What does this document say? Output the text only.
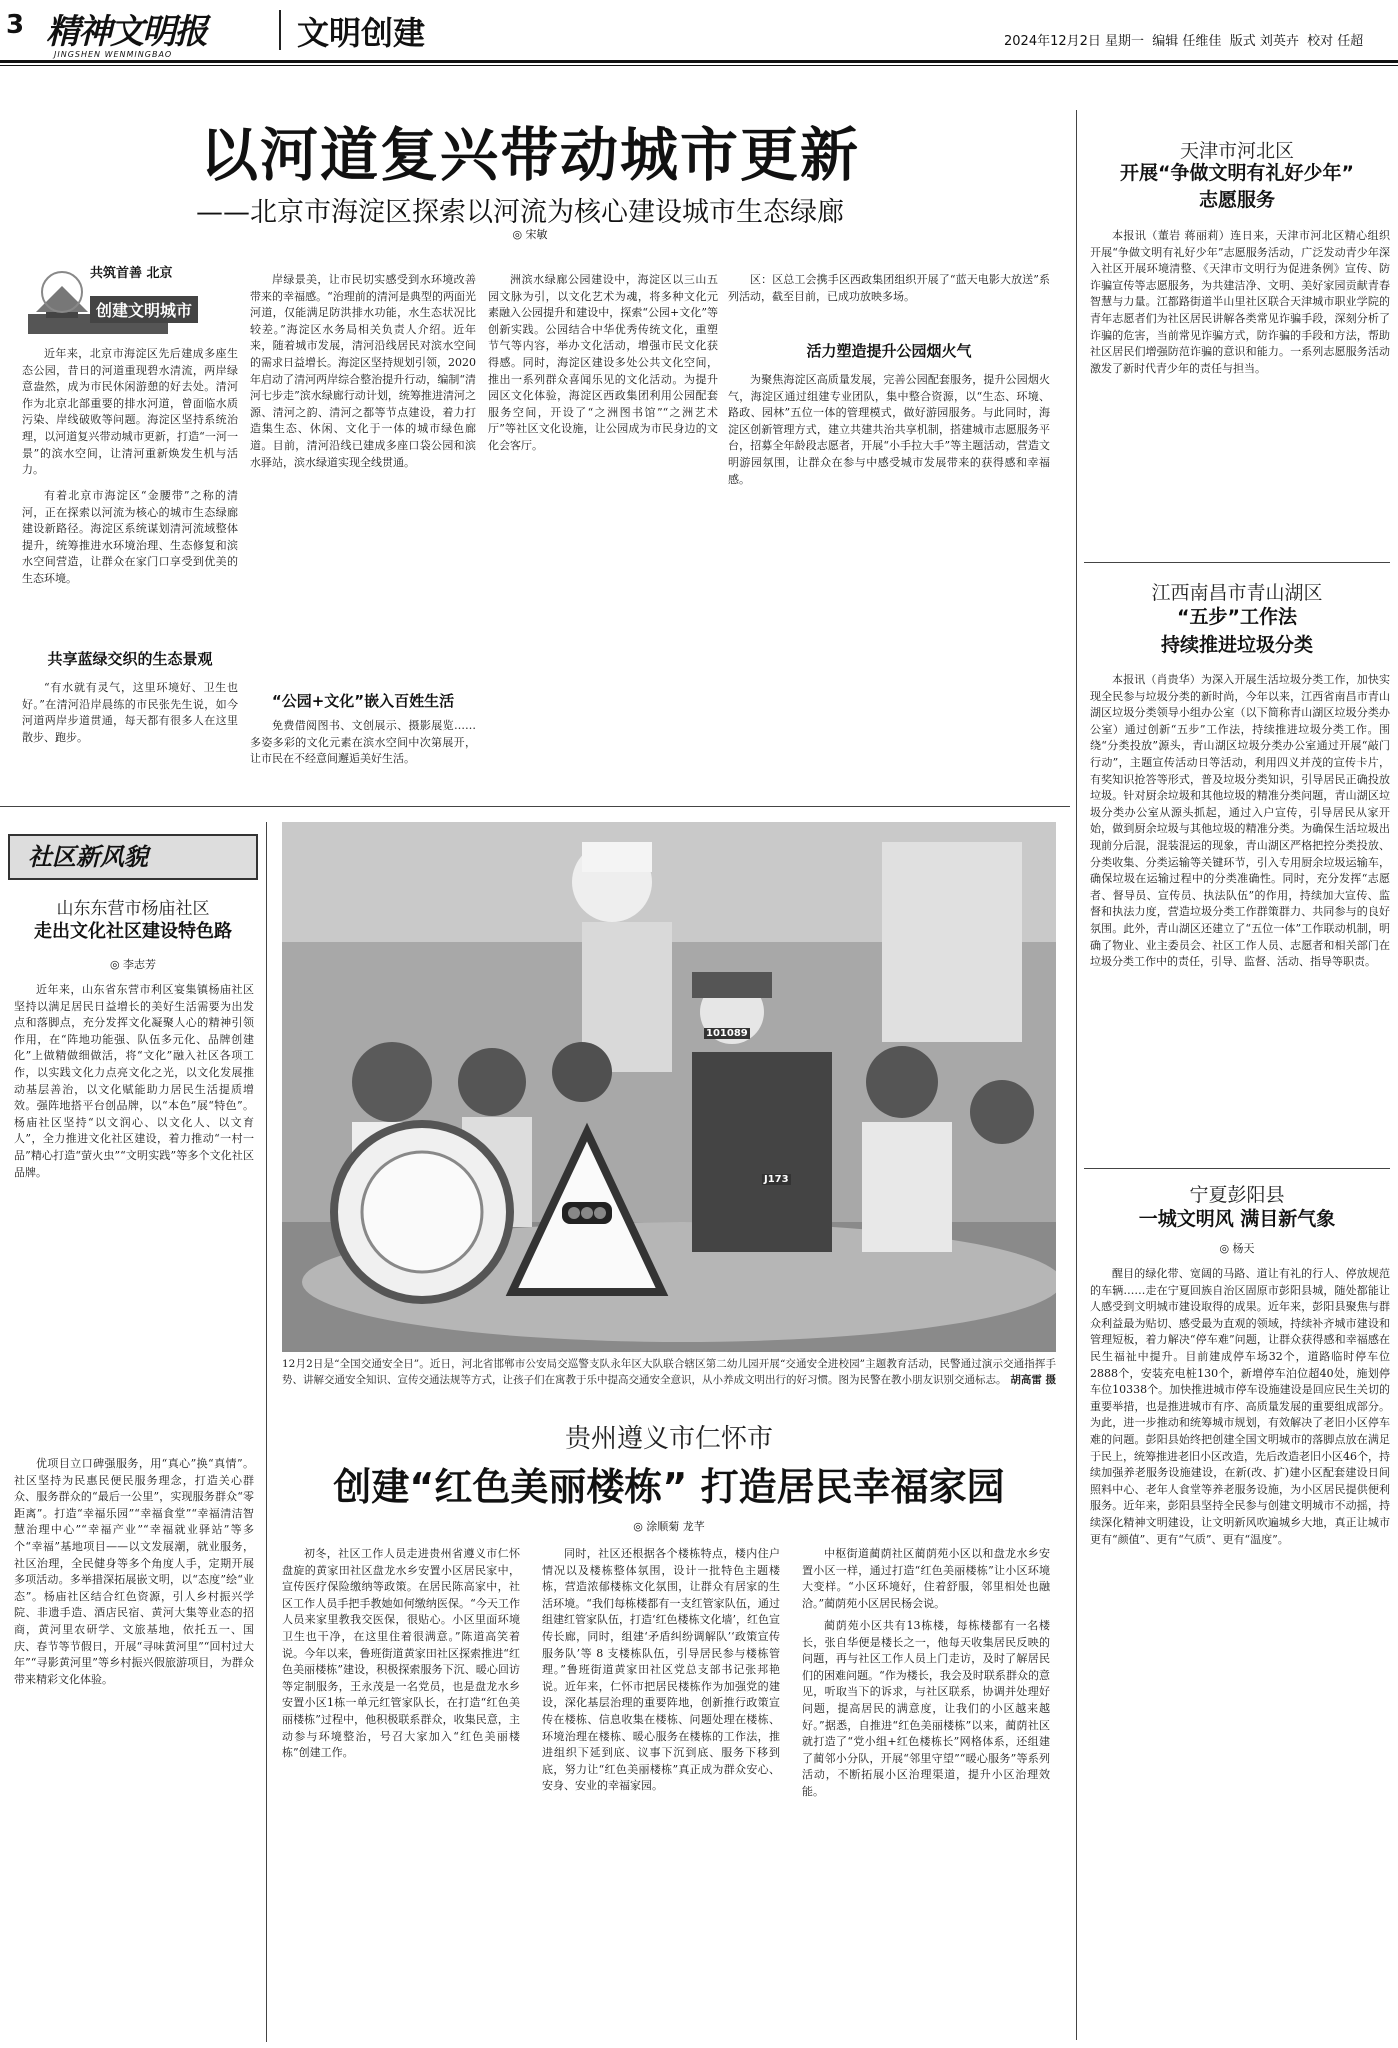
3 精神文明报
JINGSHEN WENMINGBAO
文明创建	2024年12月2日 星期一 编辑 任维佳 版式 刘英卉 校对 任超
以河道复兴带动城市更新
——北京市海淀区探索以河流为核心建设城市生态绿廊
◎ 宋敏
共筑首善 北京
创建文明城市

近年来，北京市海淀区先后建成多座生态公园，昔日的河道重现碧水清流，两岸绿意盎然，成为市民休闲游憩的好去处。清河作为北京北部重要的排水河道，曾面临水质污染、岸线破败等问题。海淀区坚持系统治理，以河道复兴带动城市更新，打造“一河一景”的滨水空间，让清河重新焕发生机与活力。

有着北京市海淀区“金腰带”之称的清河，正在探索以河流为核心的城市生态绿廊建设新路径。海淀区系统谋划清河流域整体提升，统筹推进水环境治理、生态修复和滨水空间营造，让群众在家门口享受到优美的生态环境。

共享蓝绿交织的生态景观

“有水就有灵气，这里环境好、卫生也好。”在清河沿岸晨练的市民张先生说，如今河道两岸步道贯通，每天都有很多人在这里散步、跑步。

岸绿景美，让市民切实感受到水环境改善带来的幸福感。“治理前的清河是典型的两面光河道，仅能满足防洪排水功能，水生态状况比较差。”海淀区水务局相关负责人介绍。近年来，随着城市发展，清河沿线居民对滨水空间的需求日益增长。海淀区坚持规划引领，2020年启动了清河两岸综合整治提升行动，编制“清河七步走”滨水绿廊行动计划，统筹推进清河之源、清河之韵、清河之都等节点建设，着力打造集生态、休闲、文化于一体的城市绿色廊道。目前，清河沿线已建成多座口袋公园和滨水驿站，滨水绿道实现全线贯通。

“公园+文化”嵌入百姓生活

免费借阅图书、文创展示、摄影展览……多姿多彩的文化元素在滨水空间中次第展开，让市民在不经意间邂逅美好生活。

洲滨水绿廊公园建设中，海淀区以三山五园文脉为引，以文化艺术为魂，将多种文化元素融入公园提升和建设中，探索“公园+文化”等创新实践。公园结合中华优秀传统文化，重塑节气等内容，举办文化活动，增强市民文化获得感。同时，海淀区建设多处公共文化空间，推出一系列群众喜闻乐见的文化活动。为提升园区文化体验，海淀区西政集团利用公园配套服务空间，开设了“之洲图书馆”“之洲艺术厅”等社区文化设施，让公园成为市民身边的文化会客厅。

区：区总工会携手区西政集团组织开展了“蓝天电影大放送”系列活动，截至目前，已成功放映多场。

活力塑造提升公园烟火气

为聚焦海淀区高质量发展，完善公园配套服务，提升公园烟火气，海淀区通过组建专业团队，集中整合资源，以“生态、环境、路政、园林”五位一体的管理模式，做好游园服务。与此同时，海淀区创新管理方式，建立共建共治共享机制，搭建城市志愿服务平台，招募全年龄段志愿者，开展“小手拉大手”等主题活动，营造文明游园氛围，让群众在参与中感受城市发展带来的获得感和幸福感。

社区新风貌
山东东营市杨庙社区
走出文化社区建设特色路
◎ 李志芳

近年来，山东省东营市利区宴集镇杨庙社区坚持以满足居民日益增长的美好生活需要为出发点和落脚点，充分发挥文化凝聚人心的精神引领作用，在“阵地功能强、队伍多元化、品牌创建化”上做精做细做活，将“文化”融入社区各项工作，以实践文化力点亮文化之光，以文化发展推动基层善治，以文化赋能助力居民生活提质增效。强阵地搭平台创品牌，以“本色”展“特色”。杨庙社区坚持“以文润心、以文化人、以文育人”，全力推进文化社区建设，着力推动“一村一品”精心打造“萤火虫”“文明实践”等多个文化社区品牌。

优项目立口碑强服务，用“真心”换“真情”。社区坚持为民惠民便民服务理念，打造关心群众、服务群众的“最后一公里”，实现服务群众“零距离”。打造“幸福乐园”“幸福食堂”“幸福清洁智慧治理中心”“幸福产业”“幸福就业驿站”等多个“幸福”基地项目——以文发展潮，就业服务，社区治理，全民健身等多个角度人手，定期开展多项活动。多举措深拓展嵌文明，以“态度”绘“业态”。杨庙社区结合红色资源，引人乡村振兴学院、非遗手造、酒店民宿、黄河大集等业态的招商，黄河里农研学、文旅基地，依托五一、国庆、春节等节假日，开展“寻味黄河里”“回村过大年”“寻影黄河里”等乡村振兴假旅游项目，为群众带来精彩文化体验。

101089
J173
12月2日是“全国交通安全日”。近日，河北省邯郸市公安局交巡警支队永年区大队联合辖区第二幼儿园开展“交通安全进校园”主题教育活动，民警通过演示交通指挥手势、讲解交通安全知识、宣传交通法规等方式，让孩子们在寓教于乐中提高交通安全意识，从小养成文明出行的好习惯。图为民警在教小朋友识别交通标志。 胡高雷 摄
贵州遵义市仁怀市
创建“红色美丽楼栋” 打造居民幸福家园
◎ 涂顺菊 龙芊

初冬，社区工作人员走进贵州省遵义市仁怀盘旋的黄家田社区盘龙水乡安置小区居民家中，宣传医疗保险缴纳等政策。在居民陈高家中，社区工作人员手把手教她如何缴纳医保。“今天工作人员来家里教我交医保，很贴心。小区里面环境卫生也干净，在这里住着很满意。”陈道高笑着说。今年以来，鲁班街道黄家田社区探索推进“红色美丽楼栋”建设，积极探索服务下沉、暖心回访等定制服务，王永茂是一名党员，也是盘龙水乡安置小区1栋一单元红管家队长，在打造“红色美丽楼栋”过程中，他积极联系群众，收集民意，主动参与环境整治，号召大家加入“红色美丽楼栋”创建工作。

同时，社区还根据各个楼栋特点，楼内住户情况以及楼栋整体氛围，设计一批特色主题楼栋，营造浓郁楼栋文化氛围，让群众有居家的生活环境。“我们每栋楼都有一支红管家队伍，通过组建红管家队伍，打造‘红色楼栋文化墙’，红色宣传长廊，同时，组建‘矛盾纠纷调解队’‘政策宣传服务队’等 8 支楼栋队伍，引导居民参与楼栋管理。”鲁班街道黄家田社区党总支部书记张邦艳说。近年来，仁怀市把居民楼栋作为加强党的建设，深化基层治理的重要阵地，创新推行政策宣传在楼栋、信息收集在楼栋、问题处理在楼栋、环境治理在楼栋、暖心服务在楼栋的工作法，推进组织下延到底、议事下沉到底、服务下移到底，努力让“红色美丽楼栋”真正成为群众安心、安身、安业的幸福家园。

中枢街道蔺荫社区蔺荫苑小区以和盘龙水乡安置小区一样，通过打造“红色美丽楼栋”让小区环境大变样。“小区环境好，住着舒服，邻里相处也融洽。”蔺荫苑小区居民杨会说。

蔺荫苑小区共有13栋楼，每栋楼都有一名楼长，张自华便是楼长之一，他每天收集居民反映的问题，再与社区工作人员上门走访，及时了解居民们的困难问题。“作为楼长，我会及时联系群众的意见，听取当下的诉求，与社区联系，协调并处理好问题，提高居民的满意度，让我们的小区越来越好。”据悉，自推进“红色美丽楼栋”以来，蔺荫社区就打造了“党小组+红色楼栋长”网格体系，还组建了蔺邻小分队，开展“邻里守望”“暖心服务”等系列活动，不断拓展小区治理渠道，提升小区治理效能。

天津市河北区
开展“争做文明有礼好少年”
志愿服务

本报讯（董岩 蒋丽莉）连日来，天津市河北区精心组织开展“争做文明有礼好少年”志愿服务活动，广泛发动青少年深入社区开展环境清整、《天津市文明行为促进条例》宣传、防诈骗宣传等志愿服务，为共建洁净、文明、美好家园贡献青春智慧与力量。江都路街道半山里社区联合天津城市职业学院的青年志愿者们为社区居民讲解各类常见诈骗手段，深刻分析了诈骗的危害，当前常见诈骗方式，防诈骗的手段和方法，帮助社区居民们增强防范诈骗的意识和能力。一系列志愿服务活动激发了新时代青少年的责任与担当。

江西南昌市青山湖区
“五步”工作法
持续推进垃圾分类

本报讯（肖贵华）为深入开展生活垃圾分类工作，加快实现全民参与垃圾分类的新时尚，今年以来，江西省南昌市青山湖区垃圾分类领导小组办公室（以下简称青山湖区垃圾分类办公室）通过创新“五步”工作法，持续推进垃圾分类工作。围绕“分类投放”源头，青山湖区垃圾分类办公室通过开展“敲门行动”，主题宣传活动日等活动，利用四义并茂的宣传卡片，有奖知识抢答等形式，普及垃圾分类知识，引导居民正确投放垃圾。针对厨余垃圾和其他垃圾的精准分类问题，青山湖区垃圾分类办公室从源头抓起，通过入户宣传，引导居民从家开始，做到厨余垃圾与其他垃圾的精准分类。为确保生活垃圾出现前分后混，混装混运的现象，青山湖区严格把控分类投放、分类收集、分类运输等关键环节，引入专用厨余垃圾运输车，确保垃圾在运输过程中的分类准确性。同时，充分发挥“志愿者、督导员、宣传员、执法队伍”的作用，持续加大宣传、监督和执法力度，营造垃圾分类工作群策群力、共同参与的良好氛围。此外，青山湖区还建立了“五位一体”工作联动机制，明确了物业、业主委员会、社区工作人员、志愿者和相关部门在垃圾分类工作中的责任，引导、监督、活动、指导等职责。

宁夏彭阳县
一城文明风 满目新气象
◎ 杨天

醒目的绿化带、宽阔的马路、道让有礼的行人、停放规范的车辆……走在宁夏回族自治区固原市彭阳县城，随处都能让人感受到文明城市建设取得的成果。近年来，彭阳县聚焦与群众利益最为贴切、感受最为直观的领域，持续补齐城市建设和管理短板，着力解决“停车难”问题，让群众获得感和幸福感在民生福祉中提升。目前建成停车场32个，道路临时停车位2888个，安装充电桩130个，新增停车泊位超40处，施划停车位10338个。加快推进城市停车设施建设是回应民生关切的重要举措，也是推进城市有序、高质量发展的重要组成部分。为此，进一步推动和统筹城市规划，有效解决了老旧小区停车难的问题。彭阳县始终把创建全国文明城市的落脚点放在满足于民上，统筹推进老旧小区改造，先后改造老旧小区46个，持续加强养老服务设施建设，在新(改、扩)建小区配套建设日间照料中心、老年人食堂等养老服务设施，为小区居民提供便利服务。近年来，彭阳县坚持全民参与创建文明城市不动摇，持续深化精神文明建设，让文明新风吹遍城乡大地，真正让城市更有“颜值”、更有“气质”、更有“温度”。
